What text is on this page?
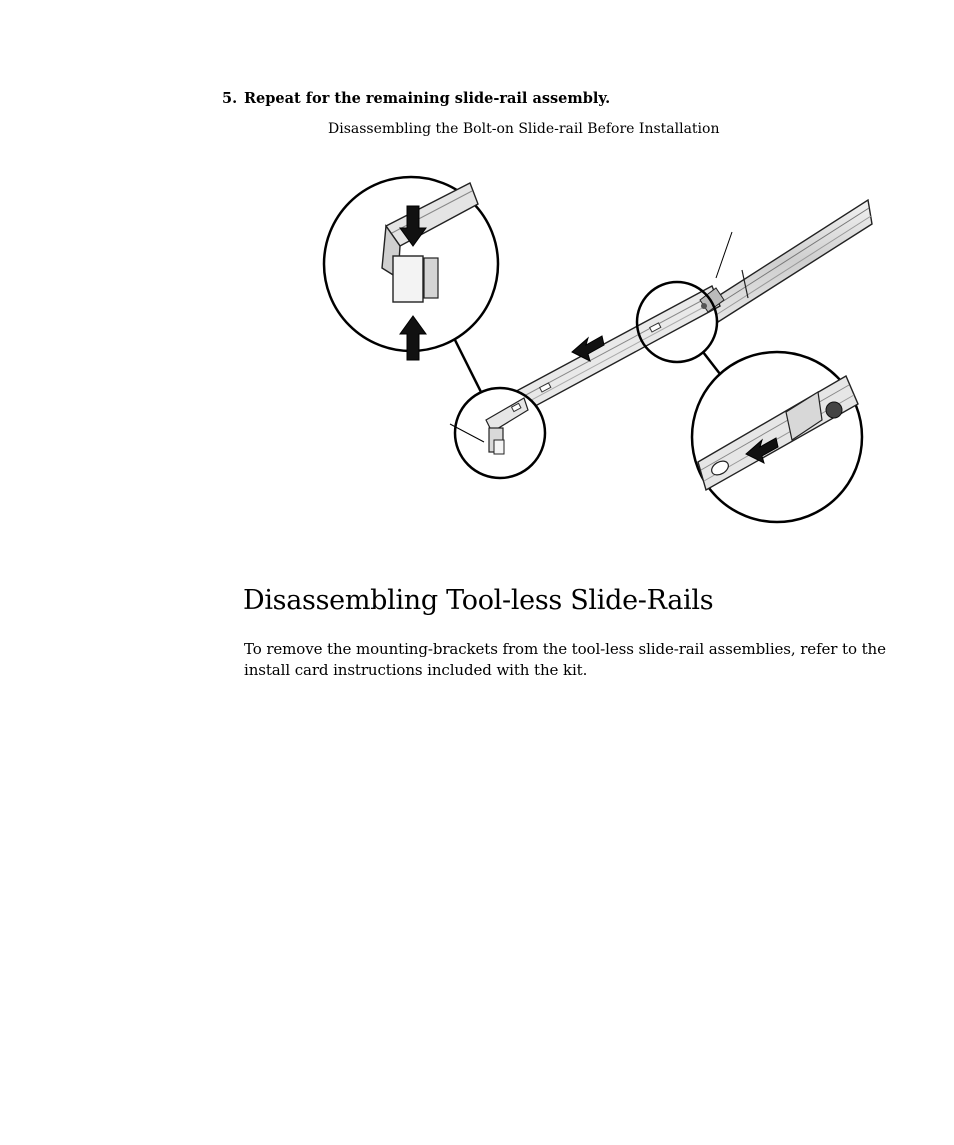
5. Repeat for the remaining slide-rail assembly.
Disassembling the Bolt-on Slide-rail Before Installation
Disassembling Tool-less Slide-Rails

To remove the mounting-brackets from the tool-less slide-rail assemblies, refer to the install card instructions included with the kit.
